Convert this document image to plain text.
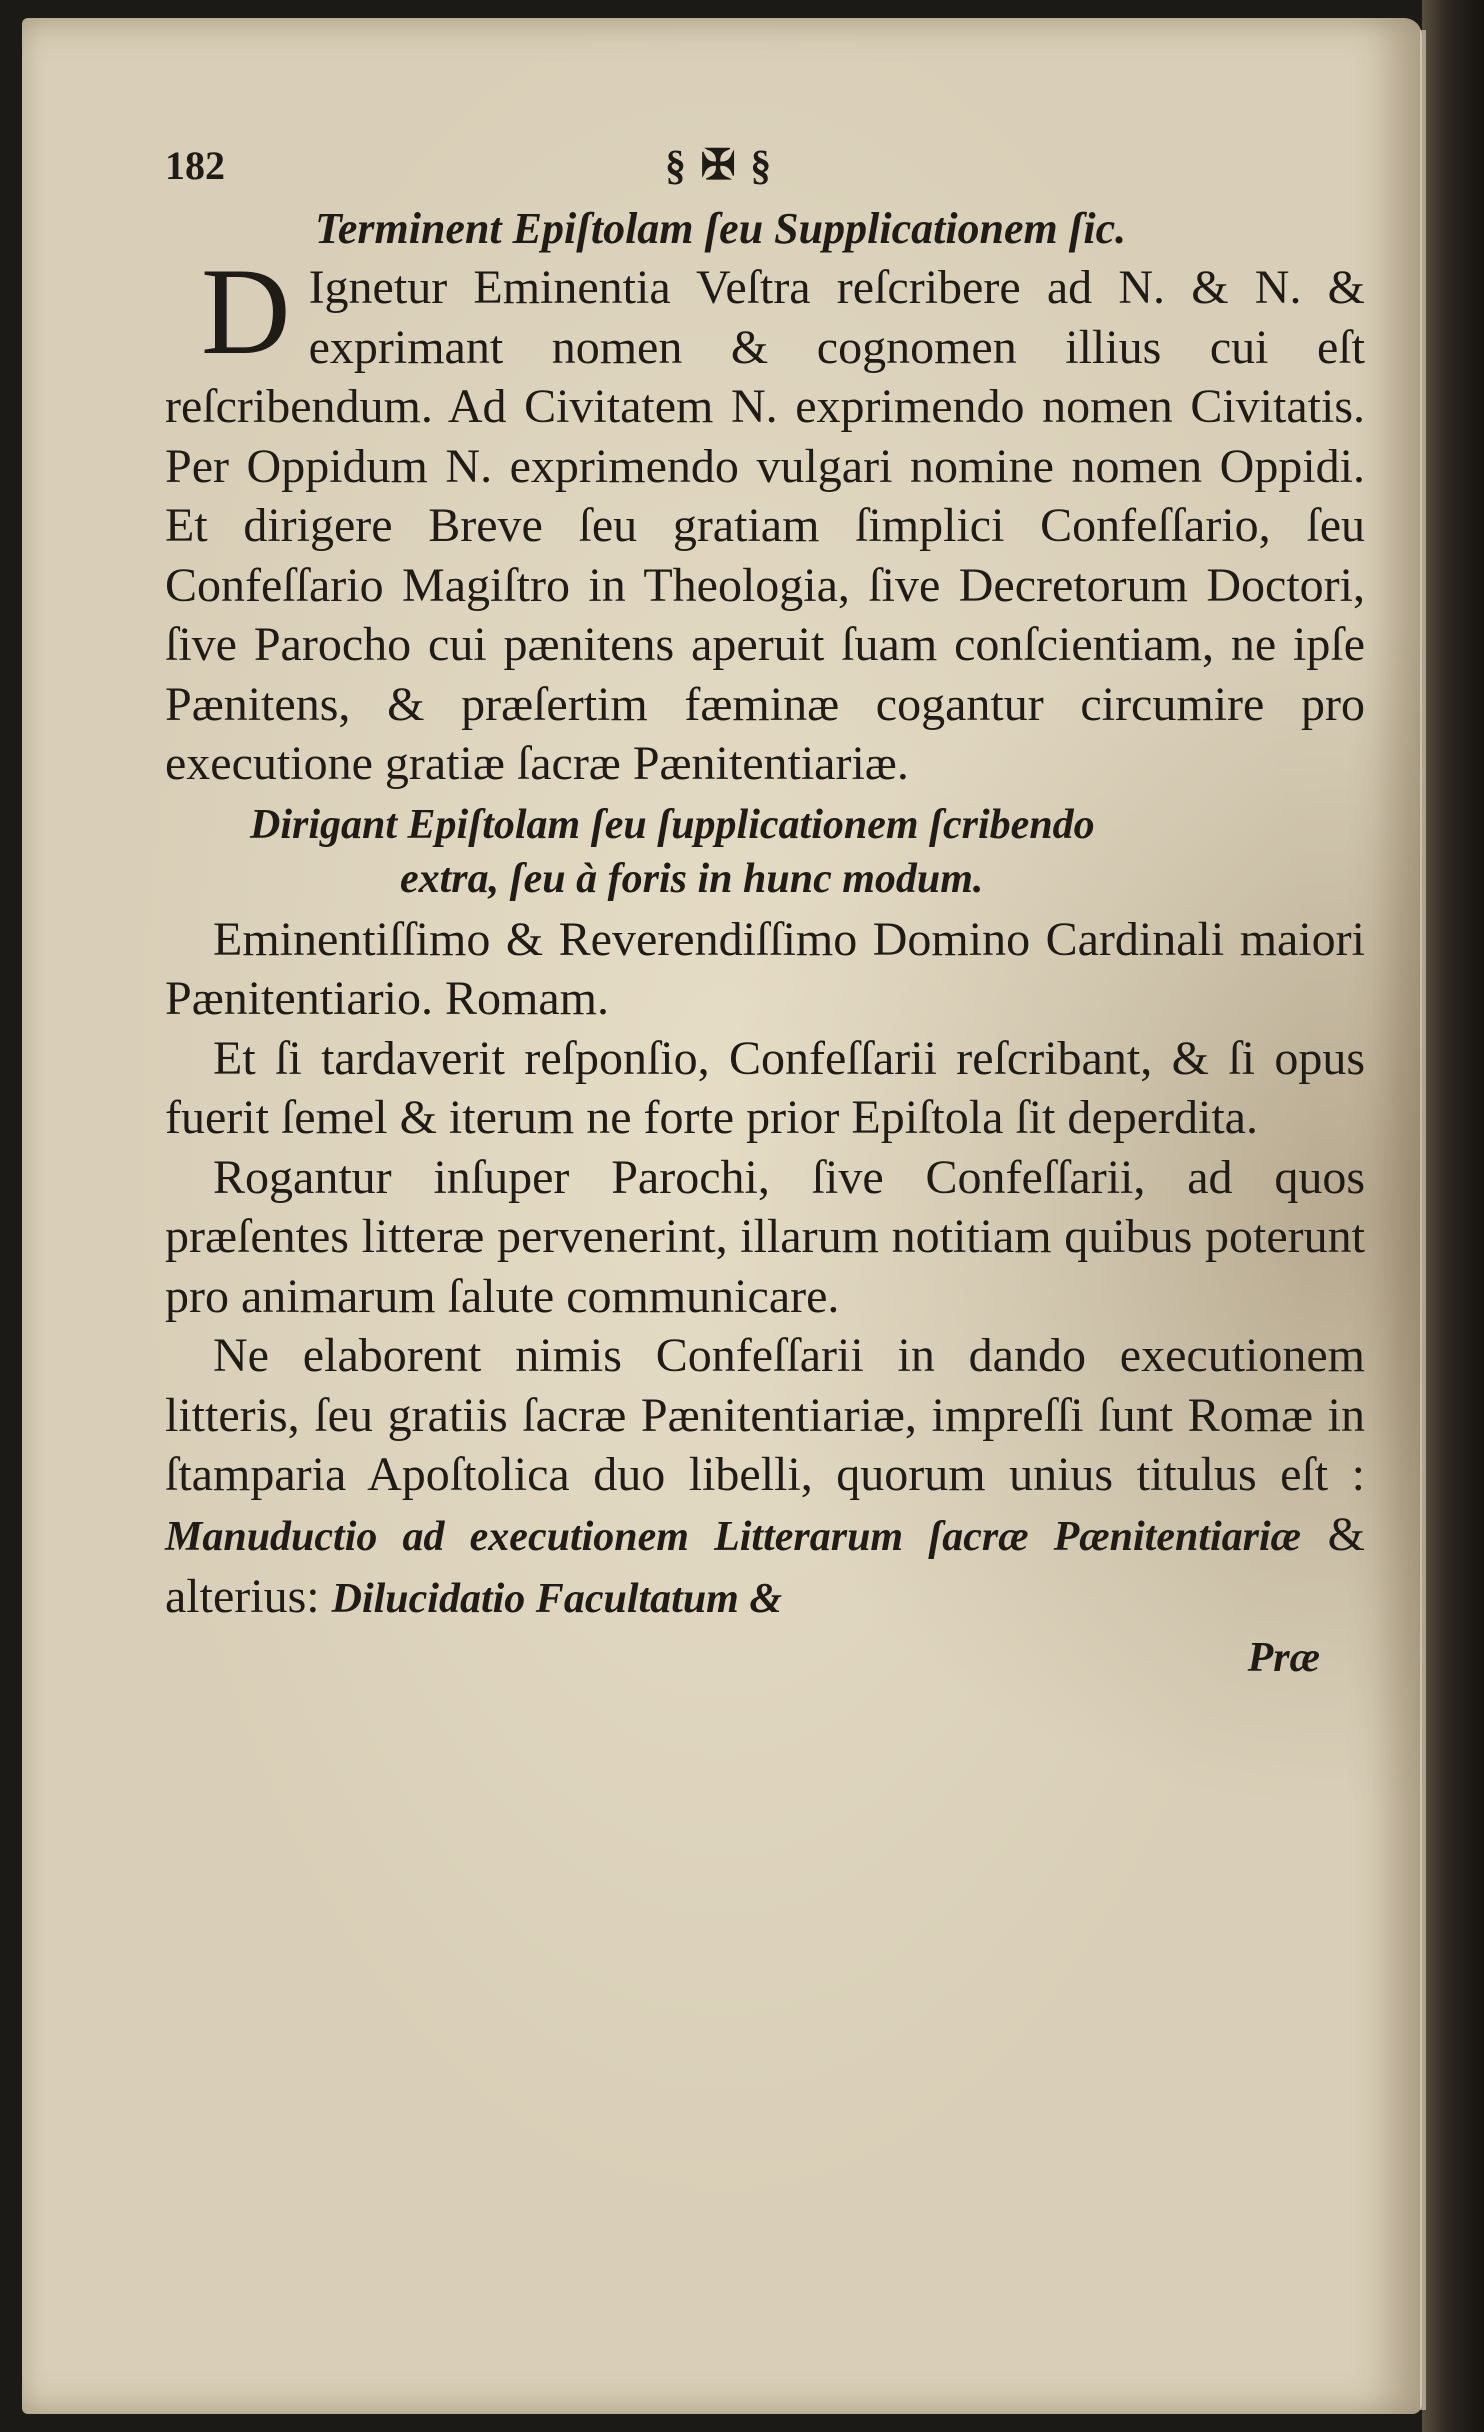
182	§ ✠ §
Terminent Epiſtolam ſeu Supplicationem ſic.

D Ignetur Eminentia Veſtra reſcribere ad N. & N. & exprimant nomen & cognomen illius cui eſt reſcribendum. Ad Civitatem N. exprimendo nomen Civitatis. Per Oppidum N. exprimendo vulgari nomine nomen Oppidi. Et dirigere Breve ſeu gratiam ſimplici Confeſſario, ſeu Confeſſario Magiſtro in Theologia, ſive Decretorum Doctori, ſive Parocho cui pænitens aperuit ſuam conſcientiam, ne ipſe Pænitens, & præſertim fæminæ cogantur circumire pro executione gratiæ ſacræ Pænitentiariæ.

Dirigant Epiſtolam ſeu ſupplicationem ſcribendo
extra, ſeu à foris in hunc modum.

Eminentiſſimo & Reverendiſſimo Domino Cardinali maiori Pænitentiario. Romam.

Et ſi tardaverit reſponſio, Confeſſarii reſcribant, & ſi opus fuerit ſemel & iterum ne forte prior Epiſtola ſit deperdita.

Rogantur inſuper Parochi, ſive Confeſſarii, ad quos præſentes litteræ pervenerint, illarum notitiam quibus poterunt pro animarum ſalute communicare.

Ne elaborent nimis Confeſſarii in dando executionem litteris, ſeu gratiis ſacræ Pænitentiariæ, impreſſi ſunt Romæ in ſtamparia Apoſtolica duo libelli, quorum unius titulus eſt : Manuductio ad executionem Litterarum ſacræ Pænitentiariæ & alterius: Dilucidatio Facultatum &

Præ
